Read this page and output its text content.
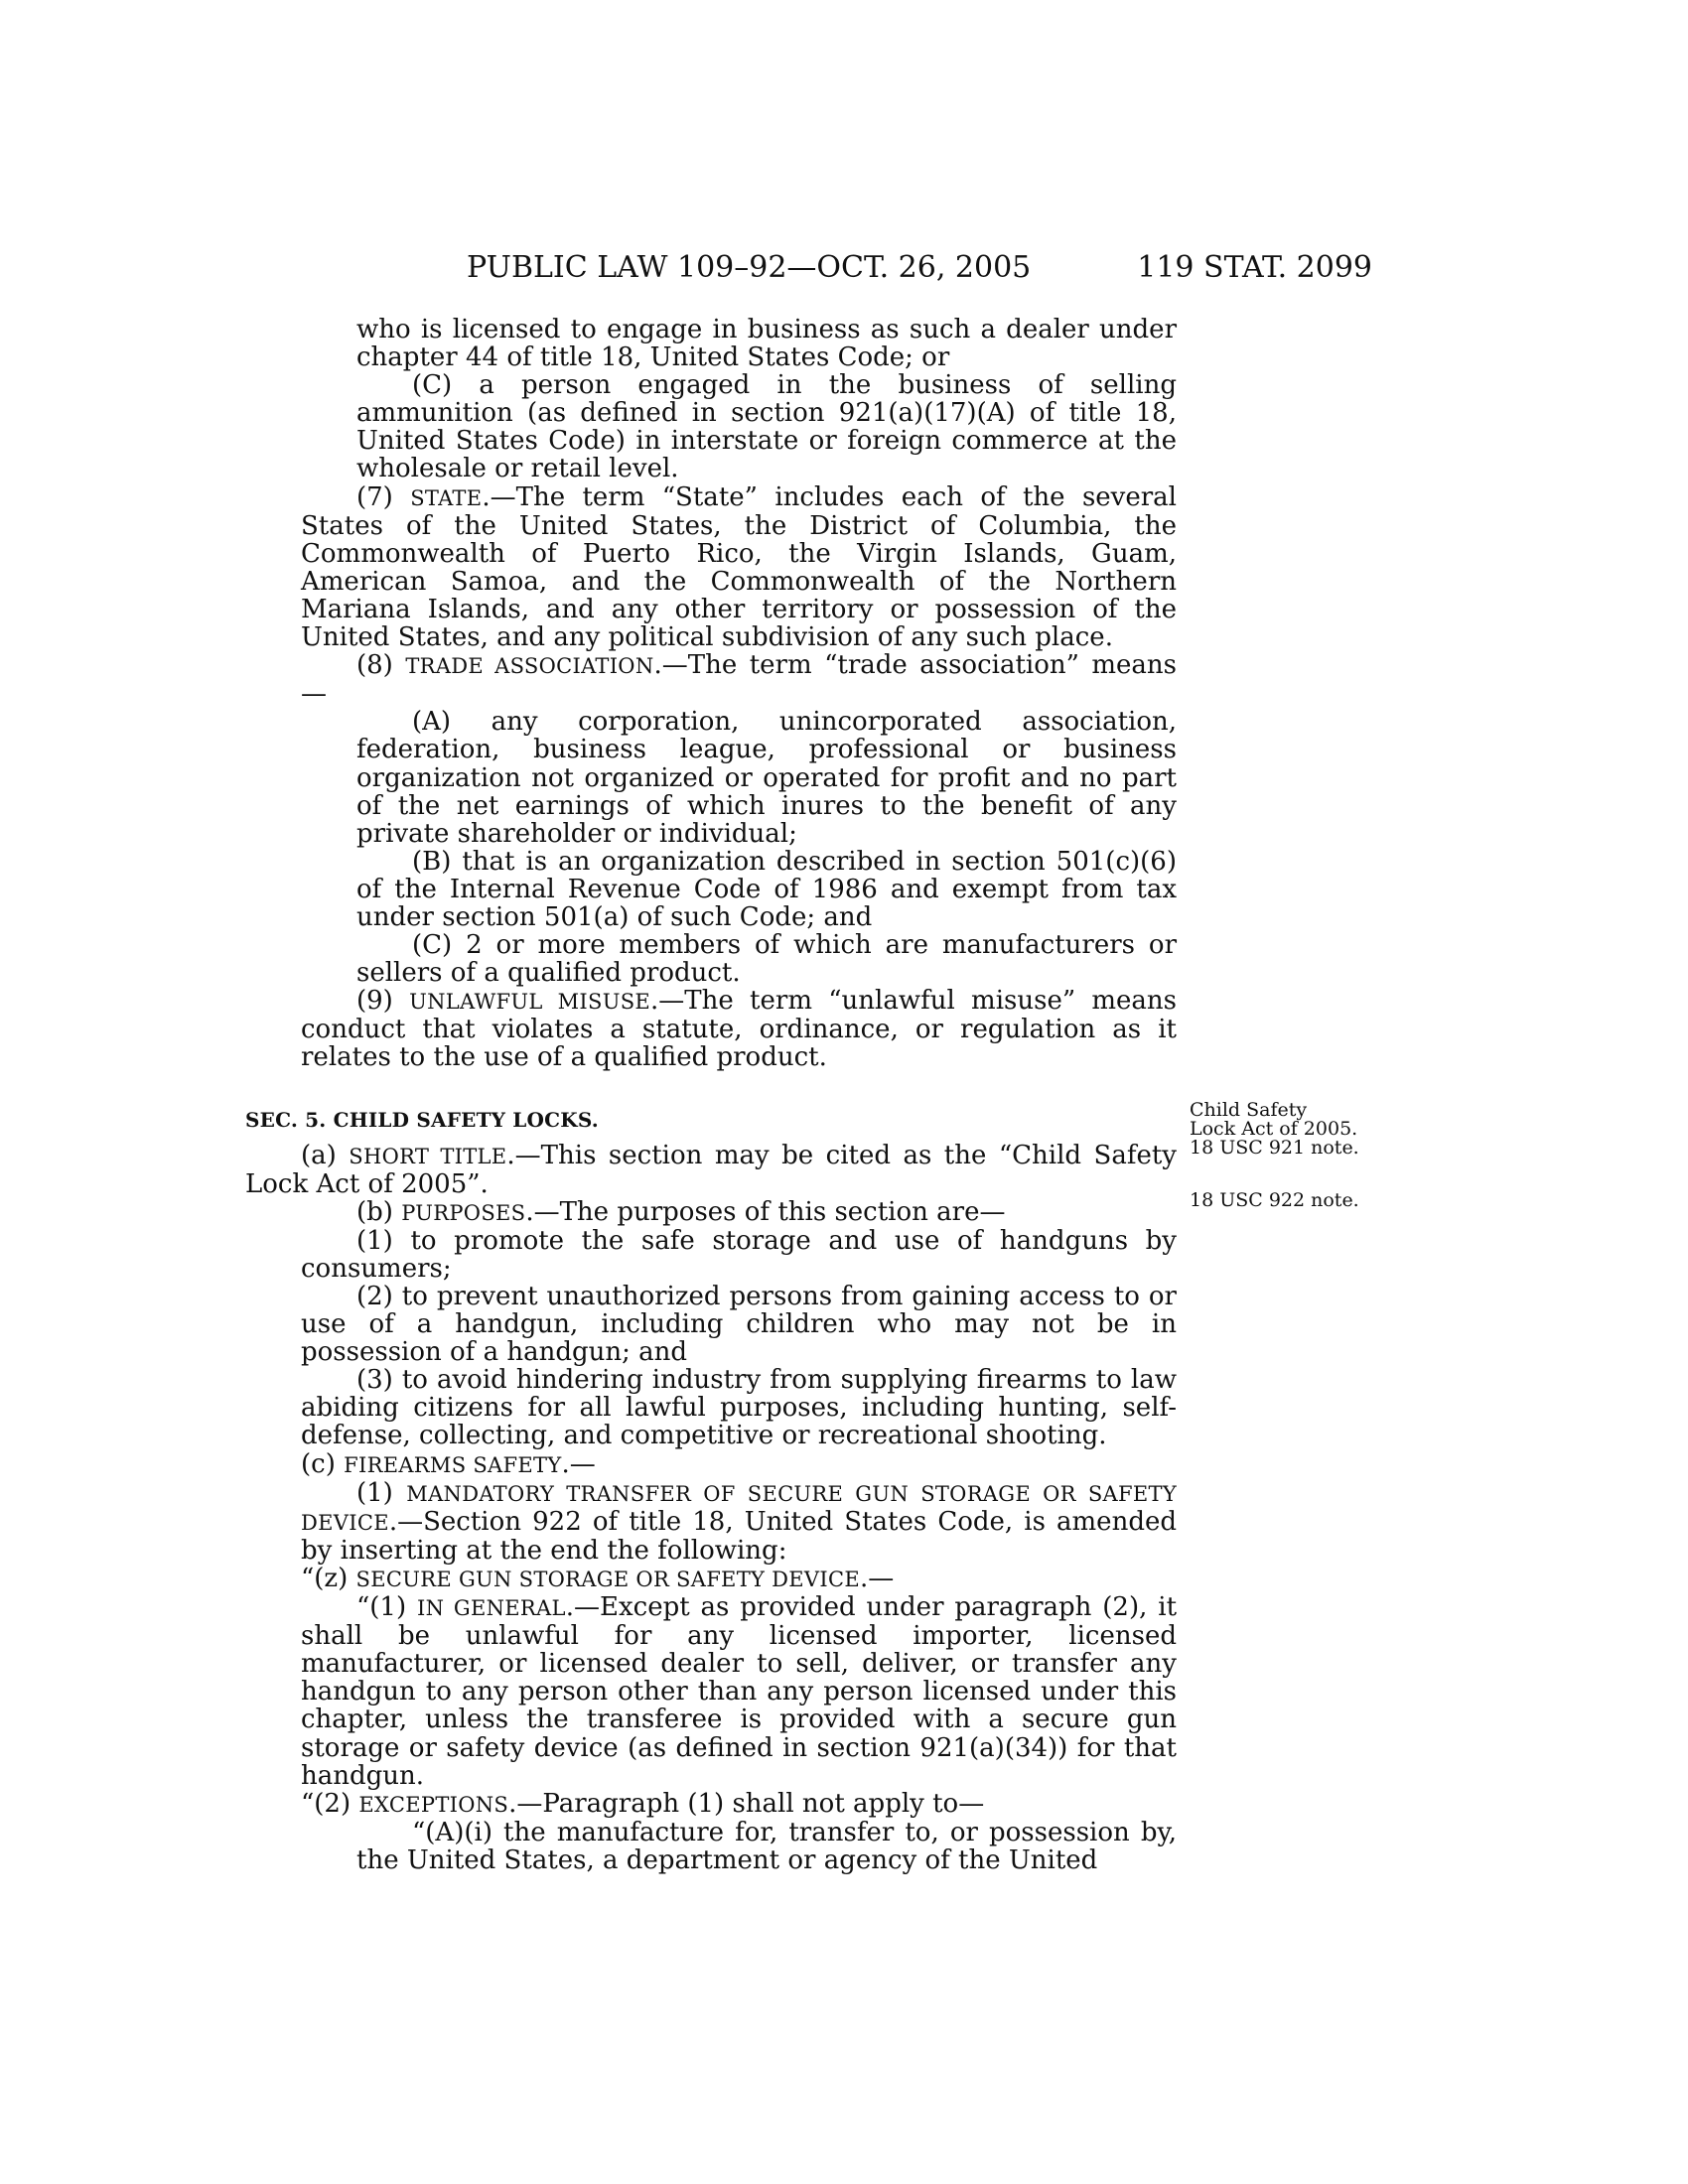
PUBLIC LAW 109–92—OCT. 26, 2005	119 STAT. 2099

who is licensed to engage in business as such a dealer under chapter 44 of title 18, United States Code; or

(C) a person engaged in the business of selling ammunition (as defined in section 921(a)(17)(A) of title 18, United States Code) in interstate or foreign commerce at the wholesale or retail level.

(7) STATE.—The term “State” includes each of the several States of the United States, the District of Columbia, the Commonwealth of Puerto Rico, the Virgin Islands, Guam, American Samoa, and the Commonwealth of the Northern Mariana Islands, and any other territory or possession of the United States, and any political subdivision of any such place.

(8) TRADE ASSOCIATION.—The term “trade association” means—

(A) any corporation, unincorporated association, federation, business league, professional or business organization not organized or operated for profit and no part of the net earnings of which inures to the benefit of any private shareholder or individual;

(B) that is an organization described in section 501(c)(6) of the Internal Revenue Code of 1986 and exempt from tax under section 501(a) of such Code; and

(C) 2 or more members of which are manufacturers or sellers of a qualified product.

(9) UNLAWFUL MISUSE.—The term “unlawful misuse” means conduct that violates a statute, ordinance, or regulation as it relates to the use of a qualified product.

SEC. 5. CHILD SAFETY LOCKS.

(a) SHORT TITLE.—This section may be cited as the “Child Safety Lock Act of 2005”.

(b) PURPOSES.—The purposes of this section are—

(1) to promote the safe storage and use of handguns by consumers;

(2) to prevent unauthorized persons from gaining access to or use of a handgun, including children who may not be in possession of a handgun; and

(3) to avoid hindering industry from supplying firearms to law abiding citizens for all lawful purposes, including hunting, self-defense, collecting, and competitive or recreational shooting.

(c) FIREARMS SAFETY.—

(1) MANDATORY TRANSFER OF SECURE GUN STORAGE OR SAFETY DEVICE.—Section 922 of title 18, United States Code, is amended by inserting at the end the following:

“(z) SECURE GUN STORAGE OR SAFETY DEVICE.—

“(1) IN GENERAL.—Except as provided under paragraph (2), it shall be unlawful for any licensed importer, licensed manufacturer, or licensed dealer to sell, deliver, or transfer any handgun to any person other than any person licensed under this chapter, unless the transferee is provided with a secure gun storage or safety device (as defined in section 921(a)(34)) for that handgun.

“(2) EXCEPTIONS.—Paragraph (1) shall not apply to—

“(A)(i) the manufacture for, transfer to, or possession by, the United States, a department or agency of the United

Child Safety
Lock Act of 2005.
18 USC 921 note.
18 USC 922 note.
